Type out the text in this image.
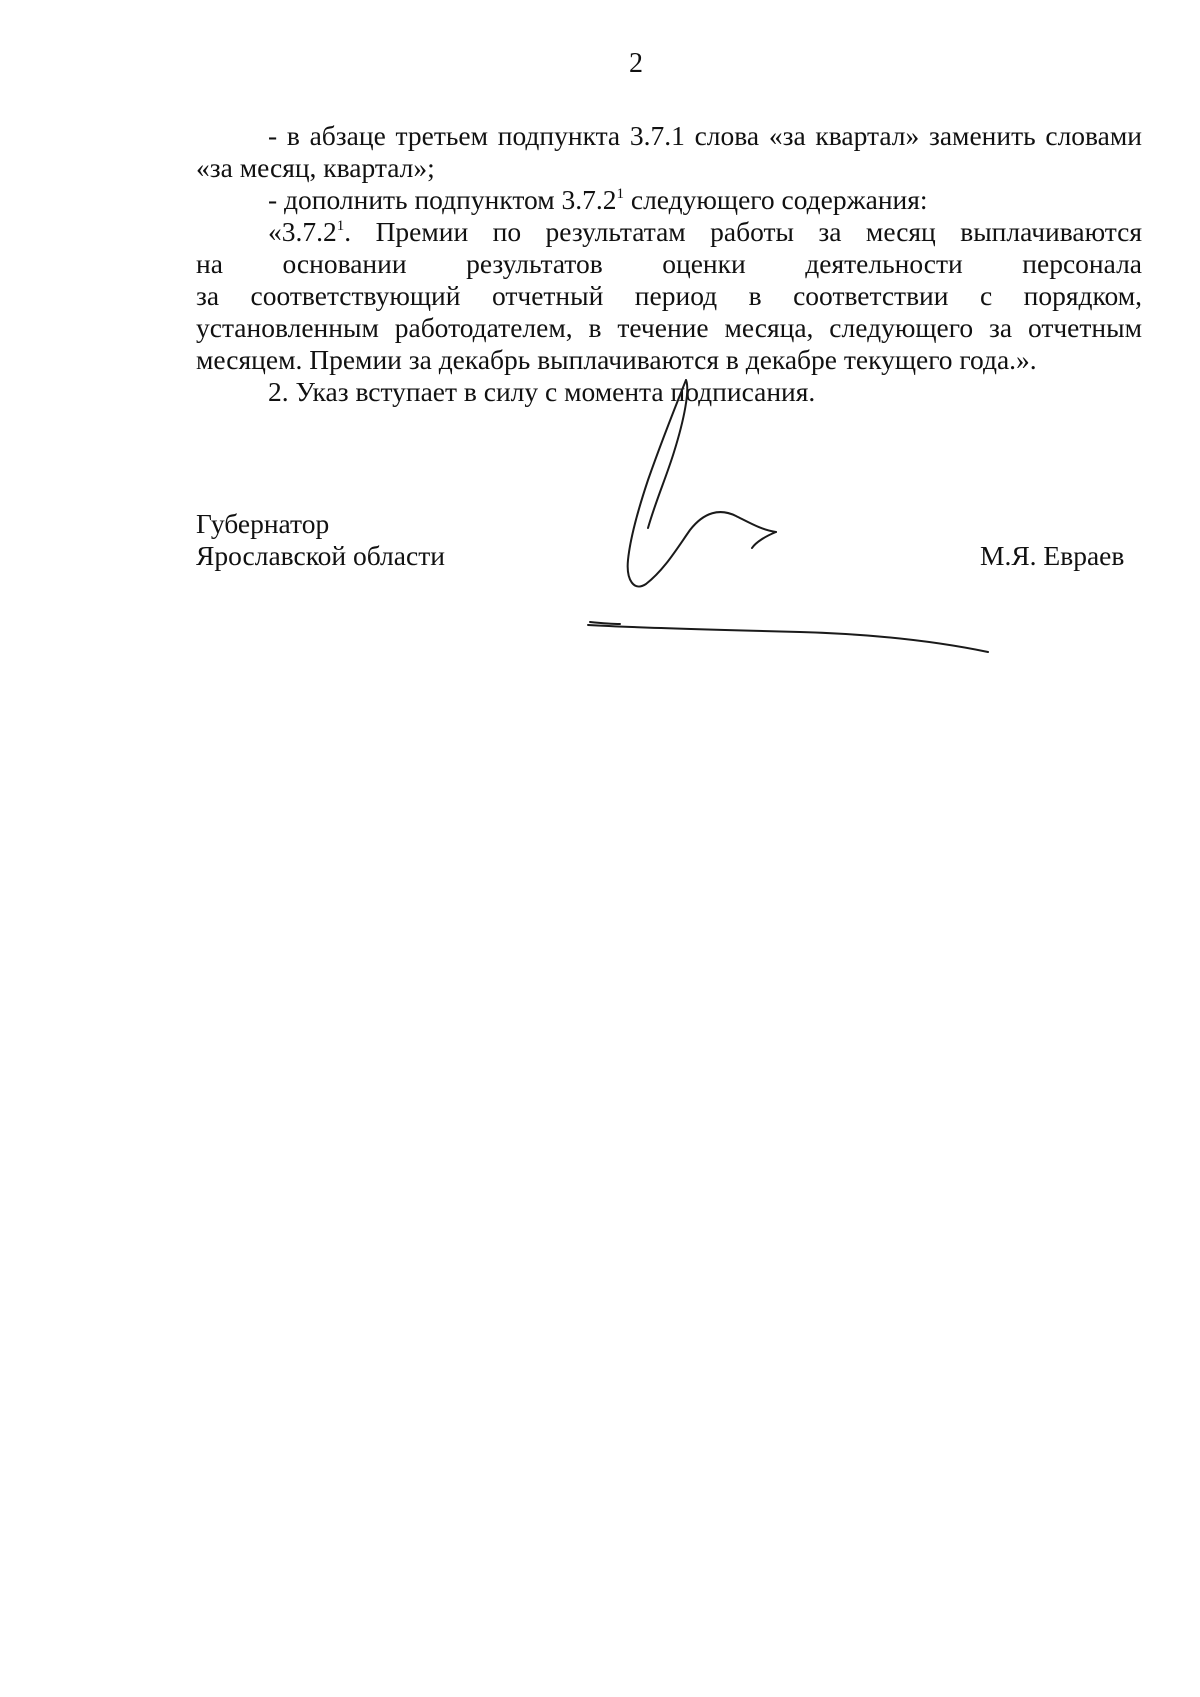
2

- в абзаце третьем подпункта 3.7.1 слова «за квартал» заменить словами «за месяц, квартал»;

- дополнить подпунктом 3.7.2$^1$ следующего содержания:

«3.7.2$^1$. Премии по результатам работы за месяц выплачиваются
на основании результатов оценки деятельности персонала
за соответствующий отчетный период в соответствии с порядком,
установленным работодателем, в течение месяца, следующего за отчетным
месяцем. Премии за декабрь выплачиваются в декабре текущего года.».

2. Указ вступает в силу с момента подписания.

Губернатор
Ярославской области	М.Я. Евраев
